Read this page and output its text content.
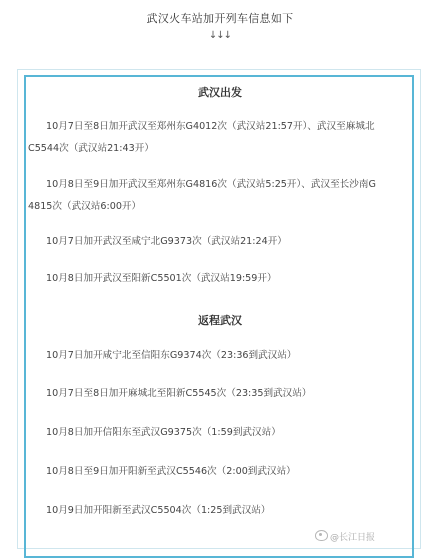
武汉火车站加开列车信息如下
↓↓↓
武汉出发
10月7日至8日加开武汉至郑州东G4012次（武汉站21:57开）、武汉至麻城北C5544次（武汉站21:43开）
10月8日至9日加开武汉至郑州东G4816次（武汉站5:25开）、武汉至长沙南G4815次（武汉站6:00开）
10月7日加开武汉至咸宁北G9373次（武汉站21:24开）
10月8日加开武汉至阳新C5501次（武汉站19:59开）
返程武汉
10月7日加开咸宁北至信阳东G9374次（23:36到武汉站）
10月7日至8日加开麻城北至阳新C5545次（23:35到武汉站）
10月8日加开信阳东至武汉G9375次（1:59到武汉站）
10月8日至9日加开阳新至武汉C5546次（2:00到武汉站）
10月9日加开阳新至武汉C5504次（1:25到武汉站）
@长江日报
